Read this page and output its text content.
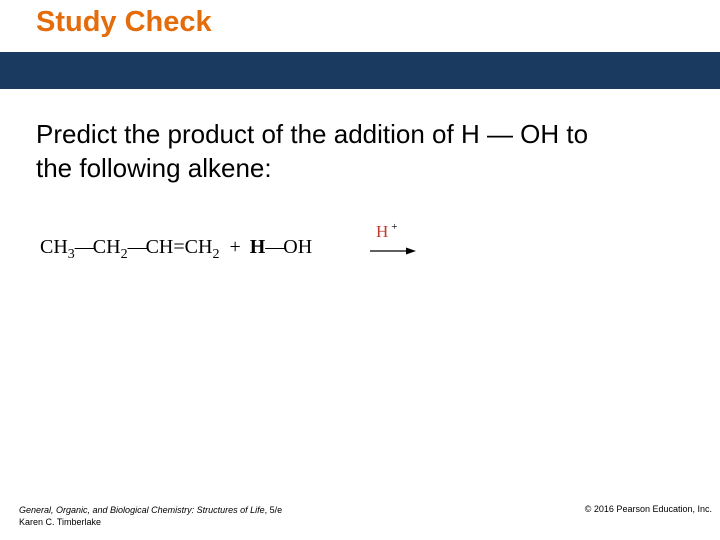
Study Check
Predict the product of the addition of H — OH to
the following alkene:
CH3—CH2—CH=CH2 + H—OH
H +
General, Organic, and Biological Chemistry: Structures of Life, 5/e
Karen C. Timberlake
© 2016 Pearson Education, Inc.
